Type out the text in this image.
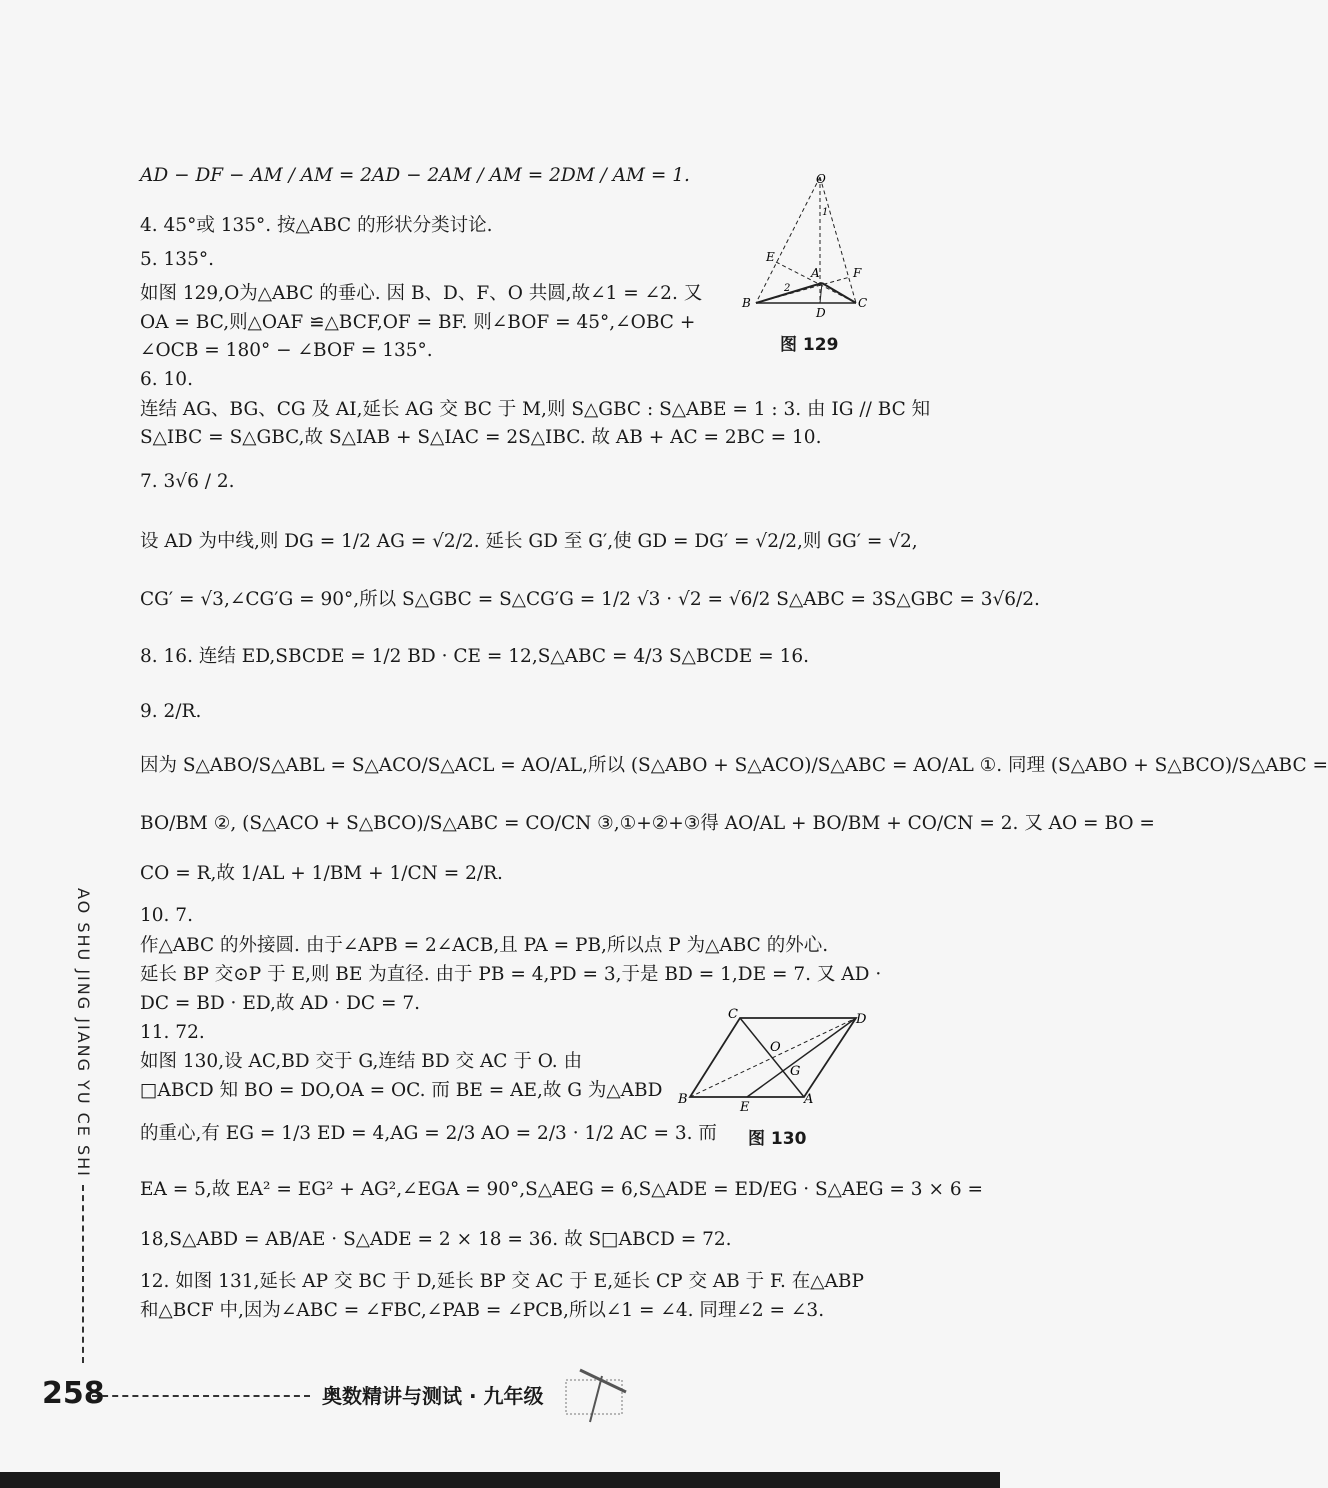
AD − DF − AM / AM = 2AD − 2AM / AM = 2DM / AM = 1.
4. 45°或 135°. 按△ABC 的形状分类讨论.
5. 135°.
如图 129,O为△ABC 的垂心. 因 B、D、F、O 共圆,故∠1 = ∠2. 又
OA = BC,则△OAF ≌△BCF,OF = BF. 则∠BOF = 45°,∠OBC +
∠OCB = 180° − ∠BOF = 135°.
6. 10.
连结 AG、BG、CG 及 AI,延长 AG 交 BC 于 M,则 S△GBC : S△ABE = 1 : 3. 由 IG // BC 知
S△IBC = S△GBC,故 S△IAB + S△IAC = 2S△IBC. 故 AB + AC = 2BC = 10.
7. 3√6 / 2.
设 AD 为中线,则 DG = 1/2 AG = √2/2. 延长 GD 至 G′,使 GD = DG′ = √2/2,则 GG′ = √2,
CG′ = √3,∠CG′G = 90°,所以 S△GBC = S△CG′G = 1/2 √3 · √2 = √6/2 S△ABC = 3S△GBC = 3√6/2.
8. 16. 连结 ED,SBCDE = 1/2 BD · CE = 12,S△ABC = 4/3 S△BCDE = 16.
9. 2/R.
因为 S△ABO/S△ABL = S△ACO/S△ACL = AO/AL,所以 (S△ABO + S△ACO)/S△ABC = AO/AL ①. 同理 (S△ABO + S△BCO)/S△ABC =
BO/BM ②, (S△ACO + S△BCO)/S△ABC = CO/CN ③,①+②+③得 AO/AL + BO/BM + CO/CN = 2. 又 AO = BO =
CO = R,故 1/AL + 1/BM + 1/CN = 2/R.
10. 7.
作△ABC 的外接圆. 由于∠APB = 2∠ACB,且 PA = PB,所以点 P 为△ABC 的外心.
延长 BP 交⊙P 于 E,则 BE 为直径. 由于 PB = 4,PD = 3,于是 BD = 1,DE = 7. 又 AD ·
DC = BD · ED,故 AD · DC = 7.
11. 72.
如图 130,设 AC,BD 交于 G,连结 BD 交 AC 于 O. 由
□ABCD 知 BO = DO,OA = OC. 而 BE = AE,故 G 为△ABD
的重心,有 EG = 1/3 ED = 4,AG = 2/3 AO = 2/3 · 1/2 AC = 3. 而
EA = 5,故 EA² = EG² + AG²,∠EGA = 90°,S△AEG = 6,S△ADE = ED/EG · S△AEG = 3 × 6 =
18,S△ABD = AB/AE · S△ADE = 2 × 18 = 36. 故 S□ABCD = 72.
12. 如图 131,延长 AP 交 BC 于 D,延长 BP 交 AC 于 E,延长 CP 交 AB 于 F. 在△ABP
和△BCF 中,因为∠ABC = ∠FBC,∠PAB = ∠PCB,所以∠1 = ∠4. 同理∠2 = ∠3.
O
E
A	F
B
D
C
1
2
图 129
C	D
O
G
B
E
A
图 130
AO SHU JING JIANG YU CE SHI
258	奥数精讲与测试 · 九年级
